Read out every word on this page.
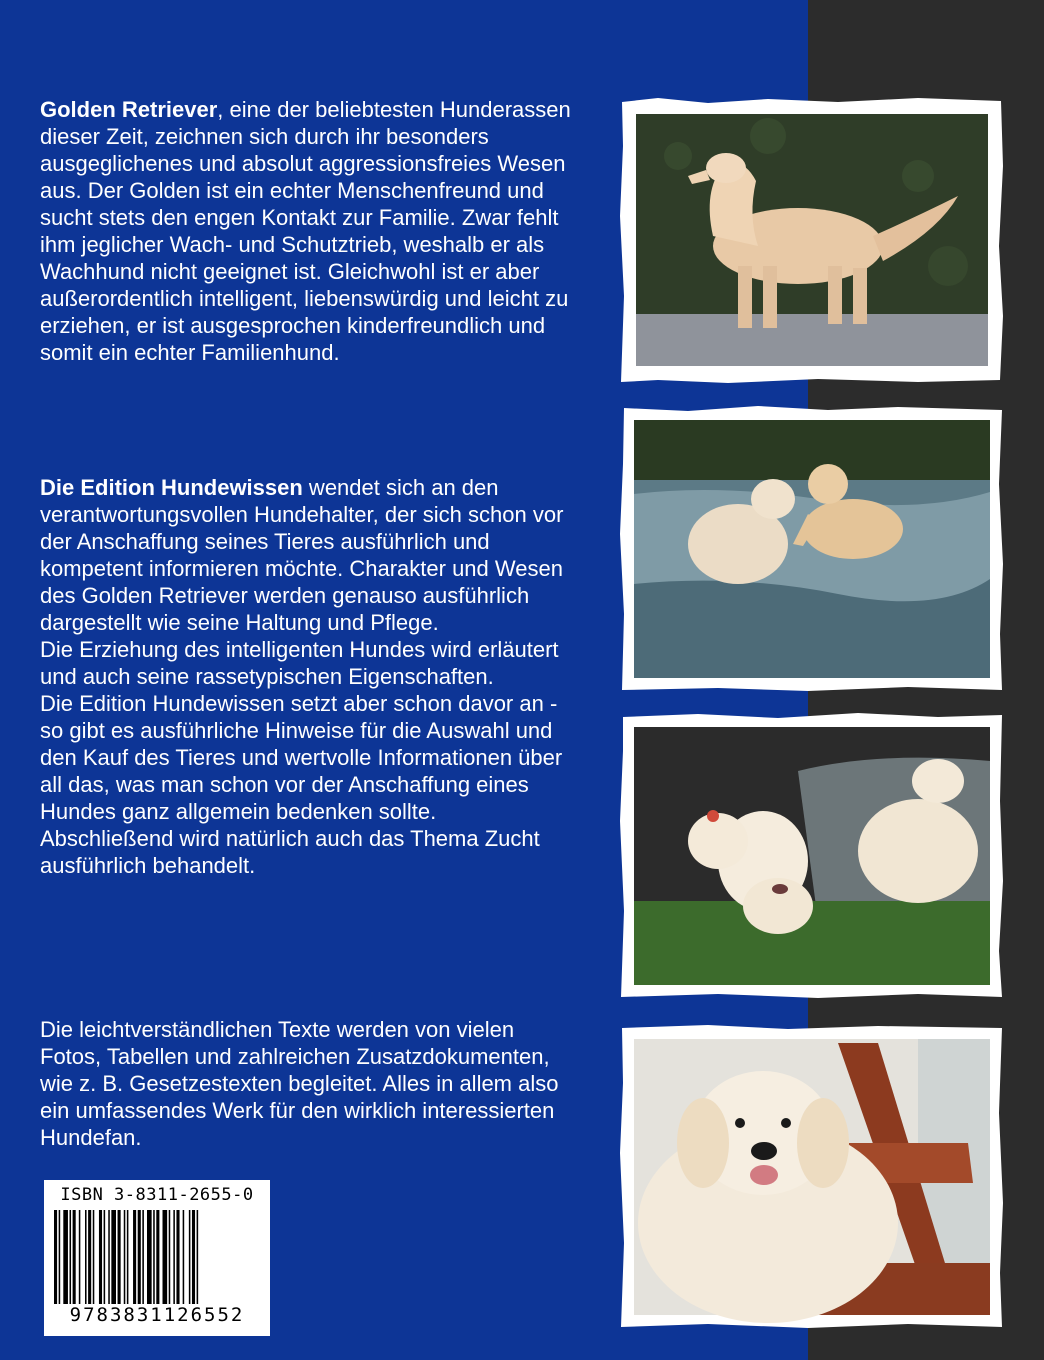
Golden Retriever, eine der beliebtesten Hunderassen dieser Zeit, zeichnen sich durch ihr besonders ausgeglichenes und absolut aggressionsfreies Wesen aus. Der Golden ist ein echter Menschenfreund und sucht stets den engen Kontakt zur Familie. Zwar fehlt ihm jeglicher Wach- und Schutztrieb, weshalb er als Wachhund nicht geeignet ist. Gleichwohl ist er aber außerordentlich intelligent, liebenswürdig und leicht zu erziehen, er ist ausgesprochen kinderfreundlich und somit ein echter Familienhund.

Die Edition Hundewissen wendet sich an den verantwortungsvollen Hundehalter, der sich schon vor der Anschaffung seines Tieres ausführlich und kompetent informieren möchte. Charakter und Wesen des Golden Retriever werden genauso ausführlich dargestellt wie seine Haltung und Pflege.

Die Erziehung des intelligenten Hundes wird erläutert und auch seine rassetypischen Eigenschaften.

Die Edition Hundewissen setzt aber schon davor an - so gibt es ausführliche Hinweise für die Auswahl und den Kauf des Tieres und wertvolle Informationen über all das, was man schon vor der Anschaffung eines Hundes ganz allgemein bedenken sollte.

Abschließend wird natürlich auch das Thema Zucht ausführlich behandelt.

Die leichtverständlichen Texte werden von vielen Fotos, Tabellen und zahlreichen Zusatzdokumenten, wie z. B. Gesetzestexten begleitet. Alles in allem also ein umfassendes Werk für den wirklich interessierten Hundefan.

ISBN 3-8311-2655-0
9783831126552
